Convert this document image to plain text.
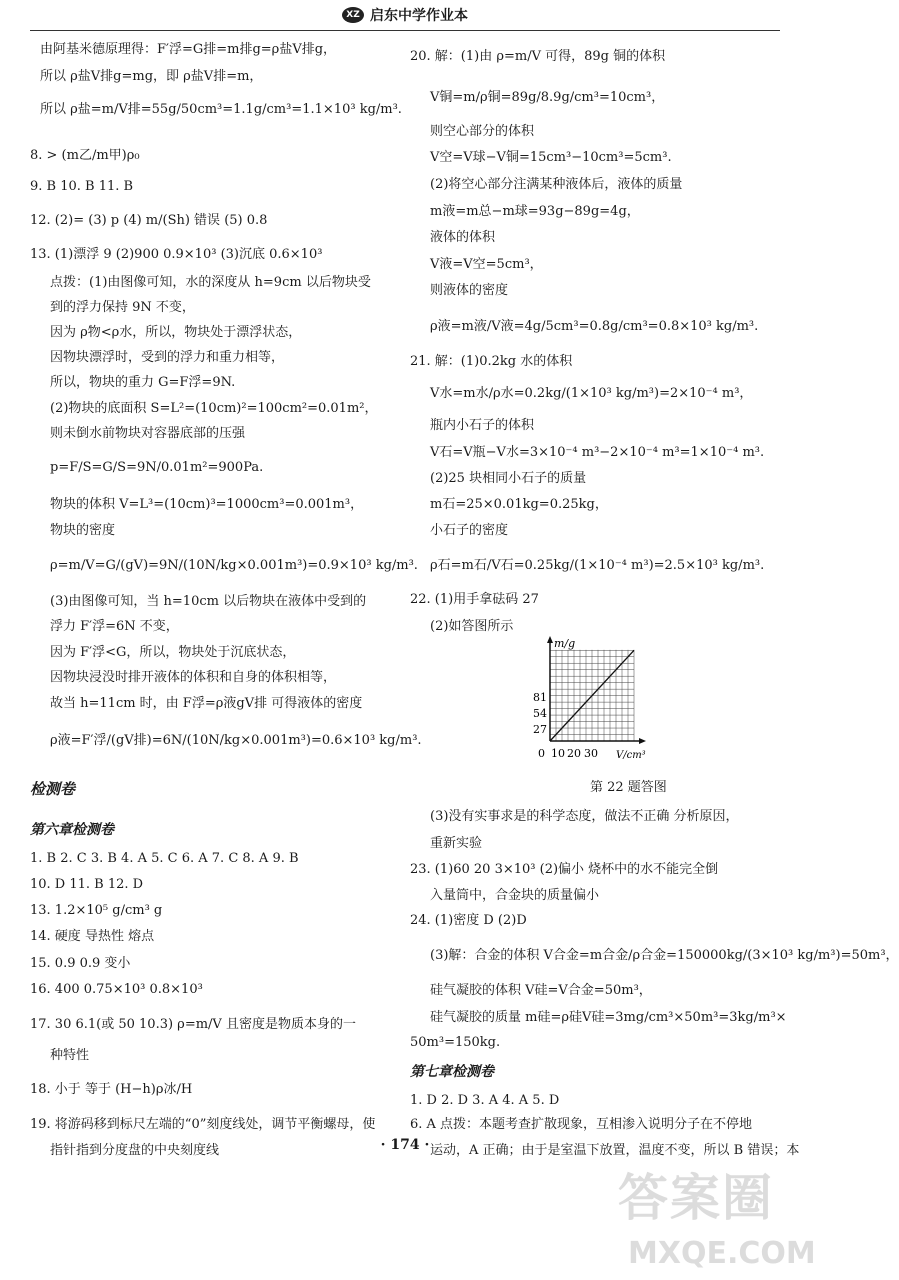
XZ 启东中学作业本
由阿基米德原理得：F′浮=G排=m排g=ρ盐V排g，
所以 ρ盐V排g=mg，即 ρ盐V排=m，
所以 ρ盐=m/V排=55g/50cm³=1.1g/cm³=1.1×10³ kg/m³.
8. > (m乙/m甲)ρ₀
9. B 10. B 11. B
12. (2)= (3) p (4) m/(Sh) 错误 (5) 0.8
13. (1)漂浮 9 (2)900 0.9×10³ (3)沉底 0.6×10³
点拨：(1)由图像可知，水的深度从 h=9cm 以后物块受
到的浮力保持 9N 不变，
因为 ρ物<ρ水，所以，物块处于漂浮状态，
因物块漂浮时，受到的浮力和重力相等，
所以，物块的重力 G=F浮=9N.
(2)物块的底面积 S=L²=(10cm)²=100cm²=0.01m²，
则未倒水前物块对容器底部的压强
p=F/S=G/S=9N/0.01m²=900Pa.
物块的体积 V=L³=(10cm)³=1000cm³=0.001m³，
物块的密度
ρ=m/V=G/(gV)=9N/(10N/kg×0.001m³)=0.9×10³ kg/m³.
(3)由图像可知，当 h=10cm 以后物块在液体中受到的
浮力 F′浮=6N 不变，
因为 F′浮<G，所以，物块处于沉底状态，
因物块浸没时排开液体的体积和自身的体积相等，
故当 h=11cm 时，由 F浮=ρ液gV排 可得液体的密度
ρ液=F′浮/(gV排)=6N/(10N/kg×0.001m³)=0.6×10³ kg/m³.
检测卷
第六章检测卷
1. B 2. C 3. B 4. A 5. C 6. A 7. C 8. A 9. B
10. D 11. B 12. D
13. 1.2×10⁵ g/cm³ g
14. 硬度 导热性 熔点
15. 0.9 0.9 变小
16. 400 0.75×10³ 0.8×10³
17. 30 6.1(或 50 10.3) ρ=m/V 且密度是物质本身的一
种特性
18. 小于 等于 (H−h)ρ冰/H
19. 将游码移到标尺左端的“0”刻度线处，调节平衡螺母，使
指针指到分度盘的中央刻度线
20. 解：(1)由 ρ=m/V 可得，89g 铜的体积
V铜=m/ρ铜=89g/8.9g/cm³=10cm³，
则空心部分的体积
V空=V球−V铜=15cm³−10cm³=5cm³.
(2)将空心部分注满某种液体后，液体的质量
m液=m总−m球=93g−89g=4g，
液体的体积
V液=V空=5cm³，
则液体的密度
ρ液=m液/V液=4g/5cm³=0.8g/cm³=0.8×10³ kg/m³.
21. 解：(1)0.2kg 水的体积
V水=m水/ρ水=0.2kg/(1×10³ kg/m³)=2×10⁻⁴ m³，
瓶内小石子的体积
V石=V瓶−V水=3×10⁻⁴ m³−2×10⁻⁴ m³=1×10⁻⁴ m³.
(2)25 块相同小石子的质量
m石=25×0.01kg=0.25kg，
小石子的密度
ρ石=m石/V石=0.25kg/(1×10⁻⁴ m³)=2.5×10³ kg/m³.
22. (1)用手拿砝码 27
(2)如答图所示
m/g
V/cm³
81
54
27
0 10 20 30
第 22 题答图
(3)没有实事求是的科学态度，做法不正确 分析原因，
重新实验
23. (1)60 20 3×10³ (2)偏小 烧杯中的水不能完全倒
入量筒中，合金块的质量偏小
24. (1)密度 D (2)D
(3)解：合金的体积 V合金=m合金/ρ合金=150000kg/(3×10³ kg/m³)=50m³，
硅气凝胶的体积 V硅=V合金=50m³，
硅气凝胶的质量 m硅=ρ硅V硅=3mg/cm³×50m³=3kg/m³×
50m³=150kg.
第七章检测卷
1. D 2. D 3. A 4. A 5. D
6. A 点拨：本题考查扩散现象，互相渗入说明分子在不停地
运动，A 正确；由于是室温下放置，温度不变，所以 B 错误；本
· 174 ·
答案圈
MXQE.COM
